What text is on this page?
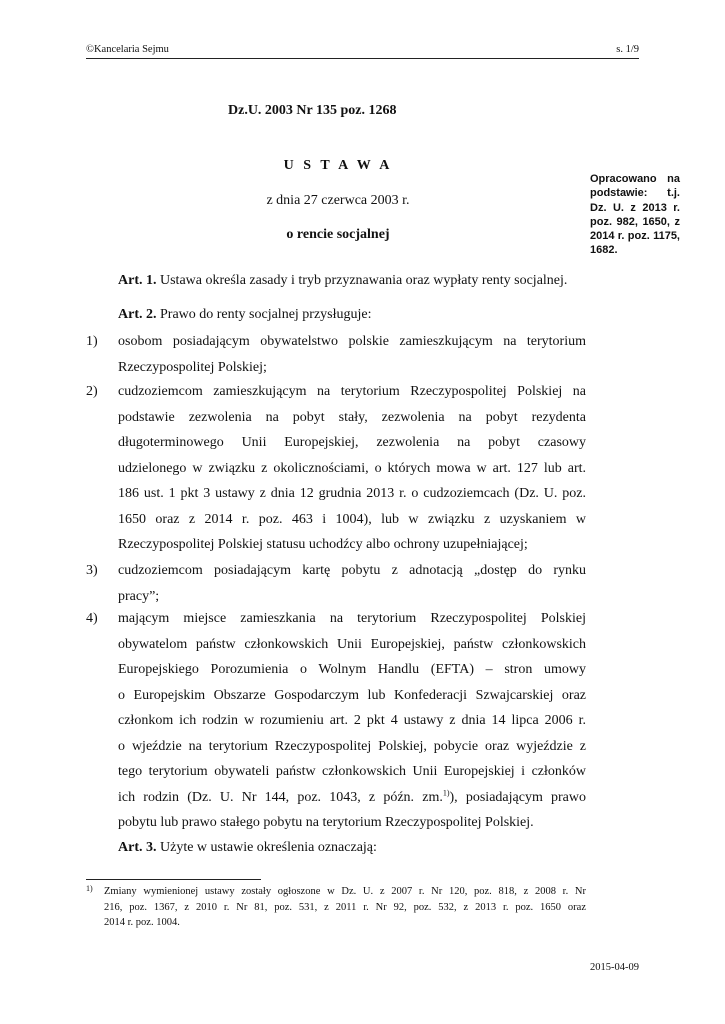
©Kancelaria Sejmu	s. 1/9
Dz.U. 2003 Nr 135 poz. 1268
U S T A W A
z dnia 27 czerwca 2003 r.
o rencie socjalnej
Opracowano na
podstawie: t.j.
Dz. U. z 2013 r.
poz. 982, 1650, z
2014 r. poz. 1175,
1682.
Art. 1. Ustawa określa zasady i tryb przyznawania oraz wypłaty renty socjalnej.
Art. 2. Prawo do renty socjalnej przysługuje:
1)	osobom posiadającym obywatelstwo polskie zamieszkującym na terytorium
Rzeczypospolitej Polskiej;
2)	cudzoziemcom zamieszkującym na terytorium Rzeczypospolitej Polskiej na
podstawie zezwolenia na pobyt stały, zezwolenia na pobyt rezydenta
długoterminowego Unii Europejskiej, zezwolenia na pobyt czasowy
udzielonego w związku z okolicznościami, o których mowa w art. 127 lub art.
186 ust. 1 pkt 3 ustawy z dnia 12 grudnia 2013 r. o cudzoziemcach (Dz. U. poz.
1650 oraz z 2014 r. poz. 463 i 1004), lub w związku z uzyskaniem w
Rzeczypospolitej Polskiej statusu uchodźcy albo ochrony uzupełniającej;
3)	cudzoziemcom posiadającym kartę pobytu z adnotacją „dostęp do rynku
pracy”;
4)	mającym miejsce zamieszkania na terytorium Rzeczypospolitej Polskiej
obywatelom państw członkowskich Unii Europejskiej, państw członkowskich
Europejskiego Porozumienia o Wolnym Handlu (EFTA) – stron umowy
o Europejskim Obszarze Gospodarczym lub Konfederacji Szwajcarskiej oraz
członkom ich rodzin w rozumieniu art. 2 pkt 4 ustawy z dnia 14 lipca 2006 r.
o wjeździe na terytorium Rzeczypospolitej Polskiej, pobycie oraz wyjeździe z
tego terytorium obywateli państw członkowskich Unii Europejskiej i członków
ich rodzin (Dz. U. Nr 144, poz. 1043, z późn. zm.$^{1)}$), posiadającym prawo
pobytu lub prawo stałego pobytu na terytorium Rzeczypospolitej Polskiej.
Art. 3. Użyte w ustawie określenia oznaczają:
1) Zmiany wymienionej ustawy zostały ogłoszone w Dz. U. z 2007 r. Nr 120, poz. 818, z 2008 r. Nr
216, poz. 1367, z 2010 r. Nr 81, poz. 531, z 2011 r. Nr 92, poz. 532, z 2013 r. poz. 1650 oraz
2014 r. poz. 1004.
2015-04-09
